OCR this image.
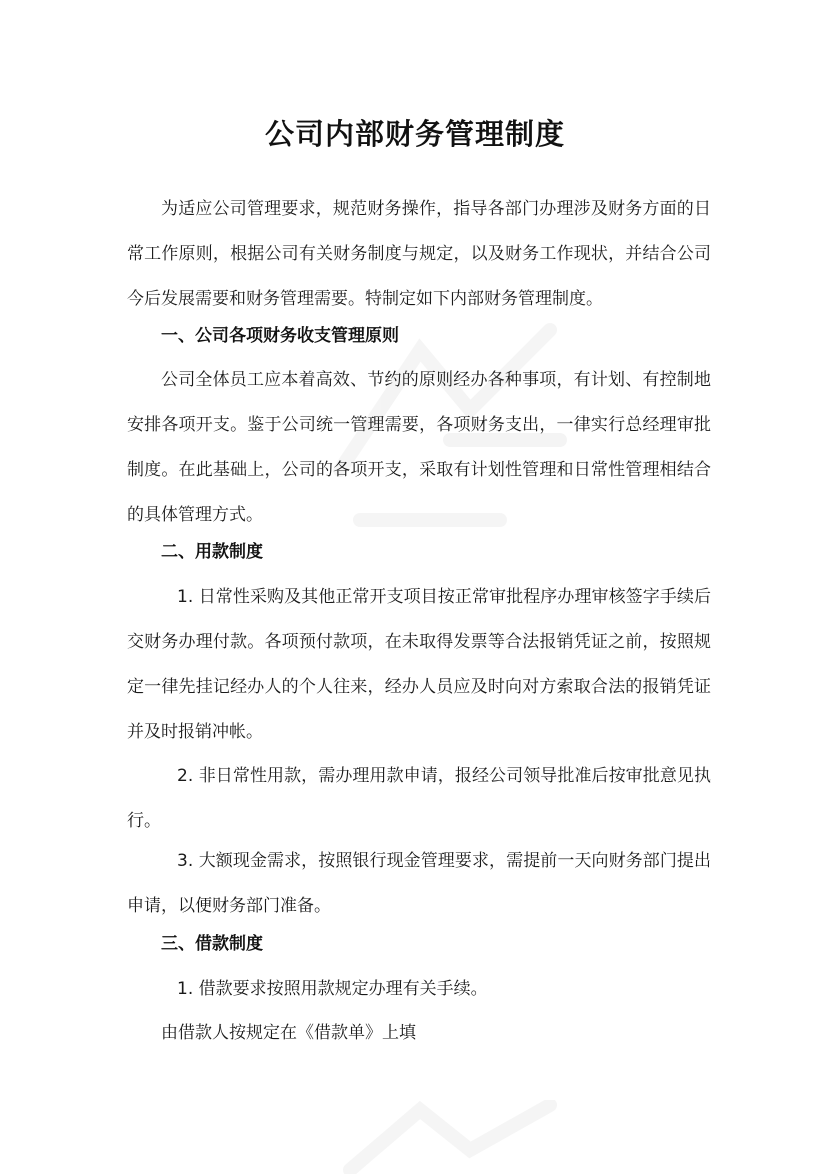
公司内部财务管理制度

为适应公司管理要求，规范财务操作，指导各部门办理涉及财务方面的日常工作原则，根据公司有关财务制度与规定，以及财务工作现状，并结合公司今后发展需要和财务管理需要。特制定如下内部财务管理制度。

一、公司各项财务收支管理原则

公司全体员工应本着高效、节约的原则经办各种事项，有计划、有控制地安排各项开支。鉴于公司统一管理需要，各项财务支出，一律实行总经理审批制度。在此基础上，公司的各项开支，采取有计划性管理和日常性管理相结合的具体管理方式。

二、用款制度

1. 日常性采购及其他正常开支项目按正常审批程序办理审核签字手续后交财务办理付款。各项预付款项，在未取得发票等合法报销凭证之前，按照规定一律先挂记经办人的个人往来，经办人员应及时向对方索取合法的报销凭证并及时报销冲帐。

2. 非日常性用款，需办理用款申请，报经公司领导批准后按审批意见执行。

3. 大额现金需求，按照银行现金管理要求，需提前一天向财务部门提出申请，以便财务部门准备。

三、借款制度

1. 借款要求按照用款规定办理有关手续。

由借款人按规定在《借款单》上填
